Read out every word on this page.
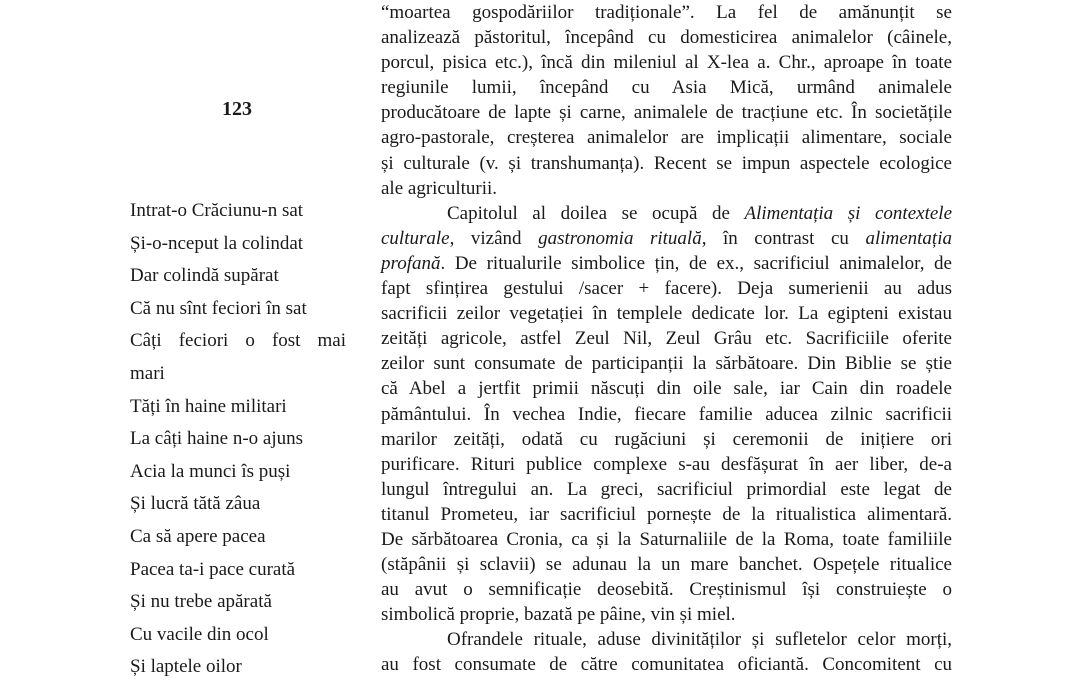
123

Intrat-o Crăciunu-n sat

Și-o-nceput la colindat

Dar colindă supărat

Că nu sînt feciori în sat

Câți feciori o fost mai

mari

Tăți în haine militari

La câți haine n-o ajuns

Acia la munci îs puși

Și lucră tătă zâua

Ca să apere pacea

Pacea ta-i pace curată

Și nu trebe apărată

Cu vacile din ocol

Și laptele oilor

“moartea gospodăriilor tradiționale”. La fel de amănunțit se

analizează păstoritul, începând cu domesticirea animalelor (câinele,

porcul, pisica etc.), încă din mileniul al X-lea a. Chr., aproape în toate

regiunile lumii, începând cu Asia Mică, urmând animalele

producătoare de lapte și carne, animalele de tracțiune etc. În societățile

agro-pastorale, creșterea animalelor are implicații alimentare, sociale

și culturale (v. și transhumanța). Recent se impun aspectele ecologice

ale agriculturii.

Capitolul al doilea se ocupă de Alimentația și contextele

culturale, vizând gastronomia rituală, în contrast cu alimentația

profană. De ritualurile simbolice țin, de ex., sacrificiul animalelor, de

fapt sfințirea gestului /sacer + facere). Deja sumerienii au adus

sacrificii zeilor vegetației în templele dedicate lor. La egipteni existau

zeități agricole, astfel Zeul Nil, Zeul Grâu etc. Sacrificiile oferite

zeilor sunt consumate de participanții la sărbătoare. Din Biblie se știe

că Abel a jertfit primii născuți din oile sale, iar Cain din roadele

pământului. În vechea Indie, fiecare familie aducea zilnic sacrificii

marilor zeități, odată cu rugăciuni și ceremonii de inițiere ori

purificare. Rituri publice complexe s-au desfășurat în aer liber, de-a

lungul întregului an. La greci, sacrificiul primordial este legat de

titanul Prometeu, iar sacrificiul pornește de la ritualistica alimentară.

De sărbătoarea Cronia, ca și la Saturnaliile de la Roma, toate familiile

(stăpânii și sclavii) se adunau la un mare banchet. Ospețele ritualice

au avut o semnificație deosebită. Creștinismul își construiește o

simbolică proprie, bazată pe pâine, vin și miel.

Ofrandele rituale, aduse divinităților și sufletelor celor morți,

au fost consumate de către comunitatea oficiantă. Concomitent cu
